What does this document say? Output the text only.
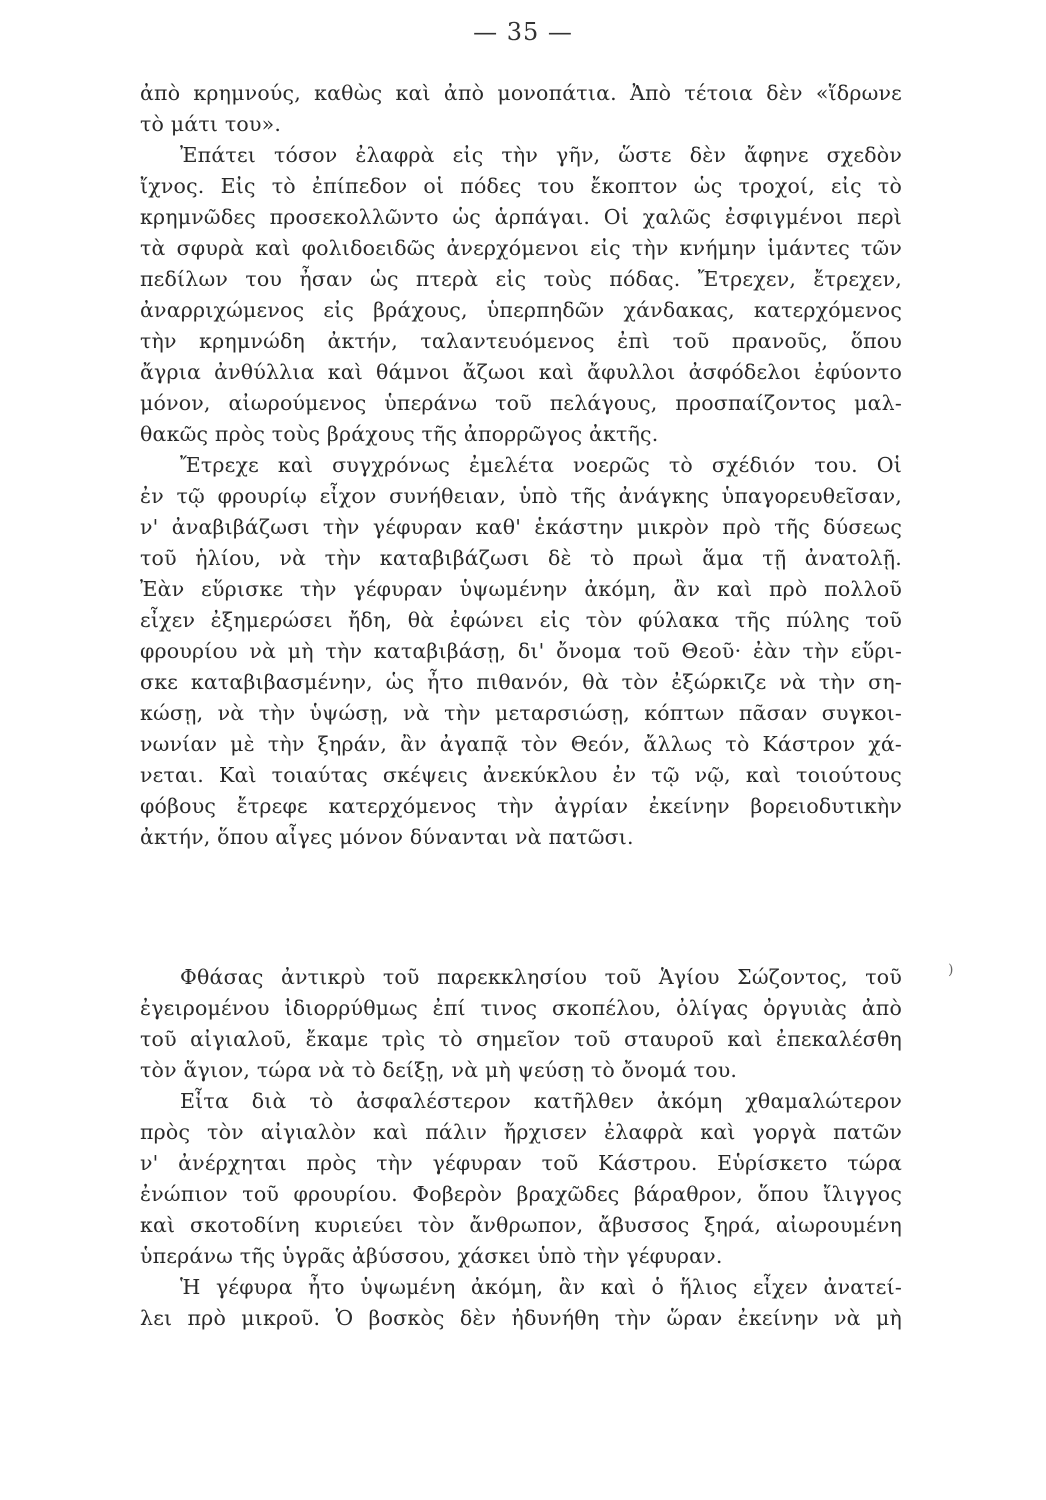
— 35 —
ἀπὸ κρημνούς, καθὼς καὶ ἀπὸ μονοπάτια. Ἀπὸ τέτοια δὲν «ἵδρωνε
τὸ μάτι του».
Ἐπάτει τόσον ἐλαφρὰ εἰς τὴν γῆν, ὥστε δὲν ἄφηνε σχεδὸν
ἴχνος. Εἰς τὸ ἐπίπεδον οἱ πόδες του ἔκοπτον ὡς τροχοί, εἰς τὸ
κρημνῶδες προσεκολλῶντο ὡς ἁρπάγαι. Οἱ χαλῶς ἐσφιγμένοι περὶ
τὰ σφυρὰ καὶ φολιδοειδῶς ἀνερχόμενοι εἰς τὴν κνήμην ἱμάντες τῶν
πεδίλων του ἦσαν ὡς πτερὰ εἰς τοὺς πόδας. Ἔτρεχεν, ἔτρεχεν,
ἀναρριχώμενος εἰς βράχους, ὑπερπηδῶν χάνδακας, κατερχόμενος
τὴν κρημνώδη ἀκτήν, ταλαντευόμενος ἐπὶ τοῦ πρανοῦς, ὅπου
ἄγρια ἀνθύλλια καὶ θάμνοι ἄζωοι καὶ ἄφυλλοι ἀσφόδελοι ἐφύοντο
μόνον, αἰωρούμενος ὑπεράνω τοῦ πελάγους, προσπαίζοντος μαλ-
θακῶς πρὸς τοὺς βράχους τῆς ἀπορρῶγος ἀκτῆς.
Ἔτρεχε καὶ συγχρόνως ἐμελέτα νοερῶς τὸ σχέδιόν του. Οἱ
ἐν τῷ φρουρίῳ εἶχον συνήθειαν, ὑπὸ τῆς ἀνάγκης ὑπαγορευθεῖσαν,
ν' ἀναβιβάζωσι τὴν γέφυραν καθ' ἑκάστην μικρὸν πρὸ τῆς δύσεως
τοῦ ἡλίου, νὰ τὴν καταβιβάζωσι δὲ τὸ πρωὶ ἅμα τῇ ἀνατολῇ.
Ἐὰν εὕρισκε τὴν γέφυραν ὑψωμένην ἀκόμη, ἂν καὶ πρὸ πολλοῦ
εἶχεν ἐξημερώσει ἤδη, θὰ ἐφώνει εἰς τὸν φύλακα τῆς πύλης τοῦ
φρουρίου νὰ μὴ τὴν καταβιβάσῃ, δι' ὄνομα τοῦ Θεοῦ· ἐὰν τὴν εὕρι-
σκε καταβιβασμένην, ὡς ἦτο πιθανόν, θὰ τὸν ἐξώρκιζε νὰ τὴν ση-
κώσῃ, νὰ τὴν ὑψώσῃ, νὰ τὴν μεταρσιώσῃ, κόπτων πᾶσαν συγκοι-
νωνίαν μὲ τὴν ξηράν, ἂν ἀγαπᾷ τὸν Θεόν, ἄλλως τὸ Κάστρον χά-
νεται. Καὶ τοιαύτας σκέψεις ἀνεκύκλου ἐν τῷ νῷ, καὶ τοιούτους
φόβους ἔτρεφε κατερχόμενος τὴν ἀγρίαν ἐκείνην βορειοδυτικὴν
ἀκτήν, ὅπου αἶγες μόνον δύνανται νὰ πατῶσι.
Φθάσας ἀντικρὺ τοῦ παρεκκλησίου τοῦ Ἁγίου Σώζοντος, τοῦ
ἐγειρομένου ἰδιορρύθμως ἐπί τινος σκοπέλου, ὀλίγας ὀργυιὰς ἀπὸ
τοῦ αἰγιαλοῦ, ἔκαμε τρὶς τὸ σημεῖον τοῦ σταυροῦ καὶ ἐπεκαλέσθη
τὸν ἅγιον, τώρα νὰ τὸ δείξῃ, νὰ μὴ ψεύσῃ τὸ ὄνομά του.
Εἶτα διὰ τὸ ἀσφαλέστερον κατῆλθεν ἀκόμη χθαμαλώτερον
πρὸς τὸν αἰγιαλὸν καὶ πάλιν ἤρχισεν ἐλαφρὰ καὶ γοργὰ πατῶν
ν' ἀνέρχηται πρὸς τὴν γέφυραν τοῦ Κάστρου. Εὑρίσκετο τώρα
ἐνώπιον τοῦ φρουρίου. Φοβερὸν βραχῶδες βάραθρον, ὅπου ἴλιγγος
καὶ σκοτοδίνη κυριεύει τὸν ἄνθρωπον, ἄβυσσος ξηρά, αἰωρουμένη
ὑπεράνω τῆς ὑγρᾶς ἀβύσσου, χάσκει ὑπὸ τὴν γέφυραν.
Ἡ γέφυρα ἦτο ὑψωμένη ἀκόμη, ἂν καὶ ὁ ἥλιος εἶχεν ἀνατεί-
λει πρὸ μικροῦ. Ὁ βοσκὸς δὲν ἠδυνήθη τὴν ὥραν ἐκείνην νὰ μὴ
)
